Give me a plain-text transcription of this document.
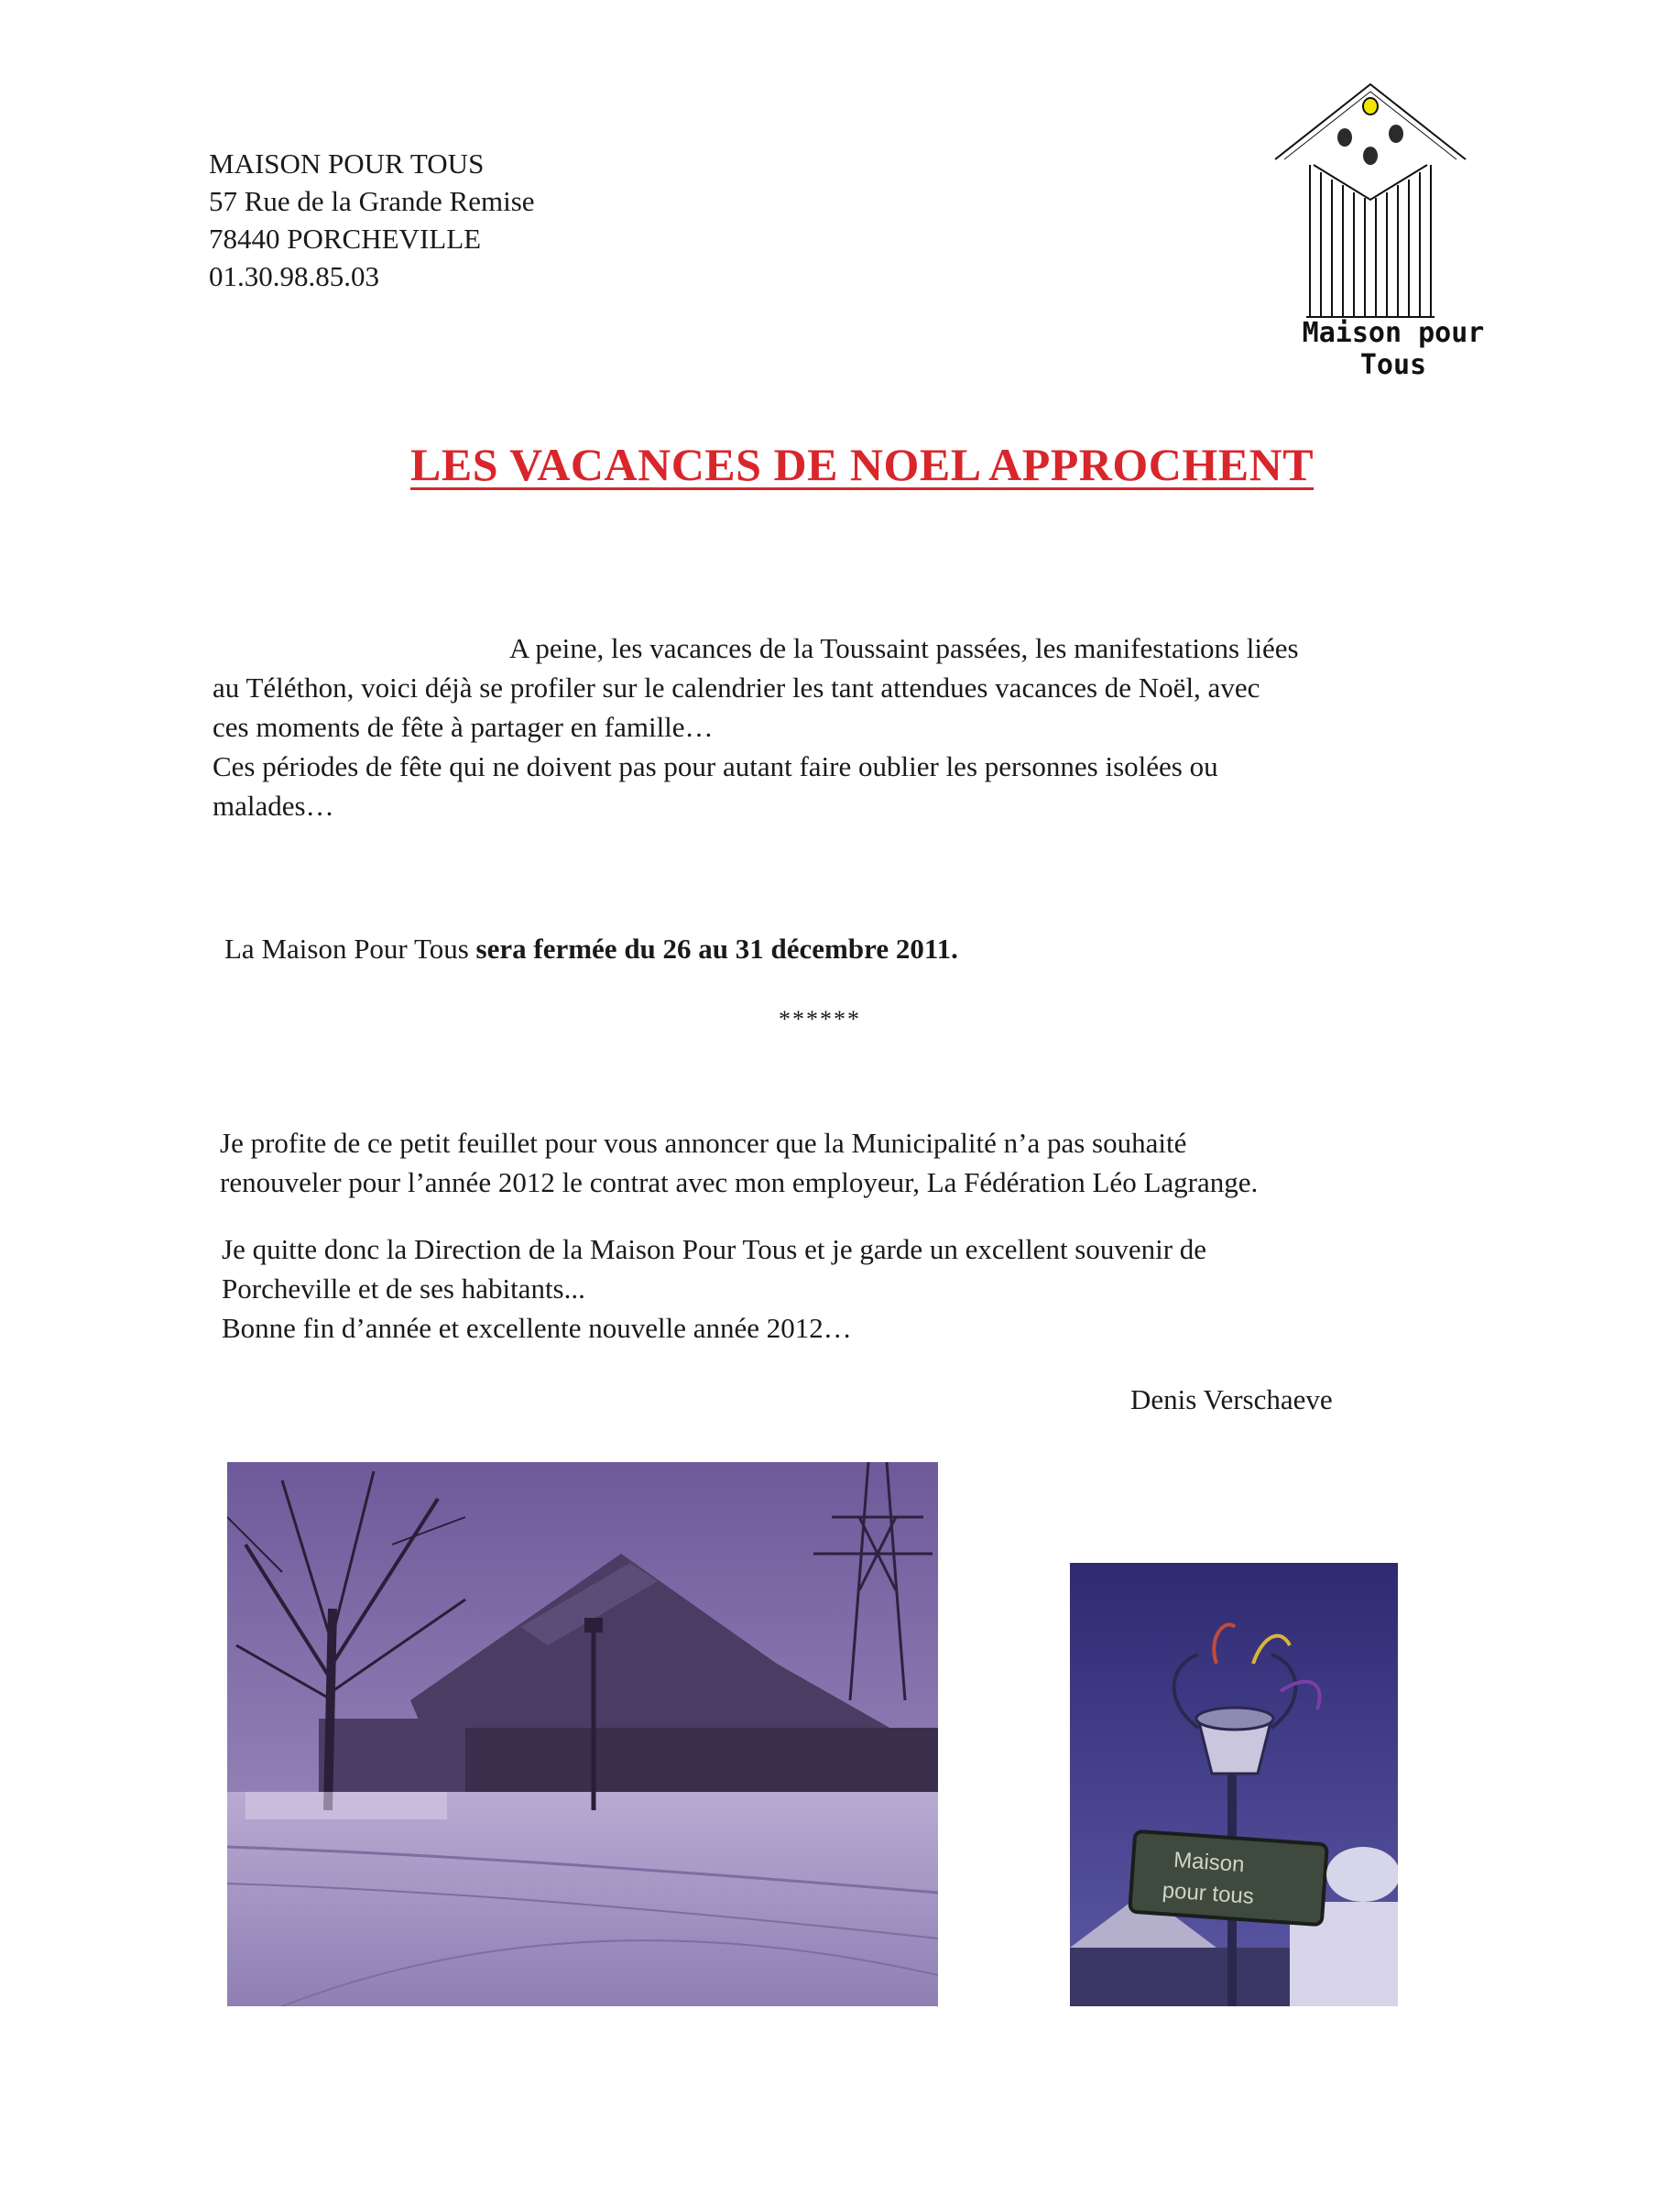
MAISON POUR TOUS
57 Rue de la Grande Remise
78440 PORCHEVILLE
01.30.98.85.03
Maison pour Tous
LES VACANCES DE NOEL APPROCHENT
A peine, les vacances de la Toussaint passées, les manifestations liées
au Téléthon, voici déjà se profiler sur le calendrier les tant attendues vacances de Noël, avec
ces moments de fête à partager en famille…
Ces périodes de fête qui ne doivent pas pour autant faire oublier les personnes isolées ou
malades…
La Maison Pour Tous sera fermée du 26 au 31 décembre 2011.
******
Je profite de ce petit feuillet pour vous annoncer que la Municipalité n’a pas souhaité
renouveler pour l’année 2012 le contrat avec mon employeur, La Fédération Léo Lagrange.
Je quitte donc la Direction de la Maison Pour Tous et je garde un excellent souvenir de
Porcheville et de ses habitants...
Bonne fin d’année et excellente nouvelle année 2012…
Denis Verschaeve
Maison
pour tous
